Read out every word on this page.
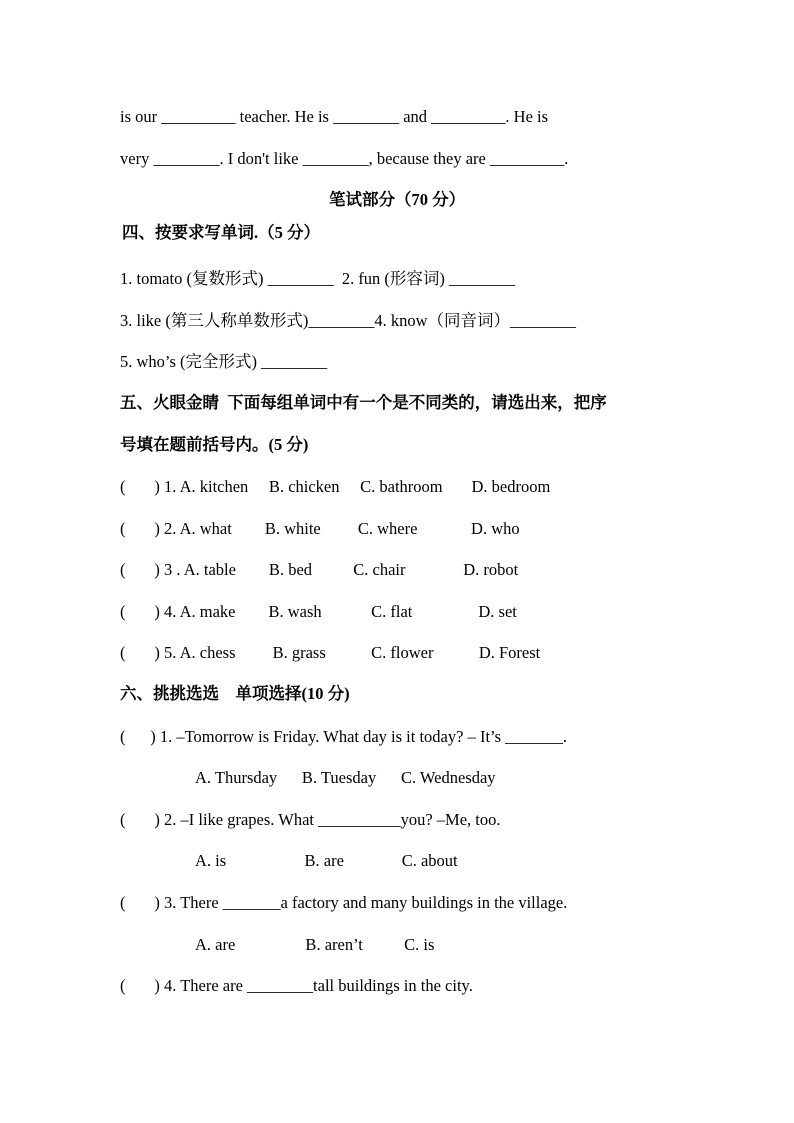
is our _________ teacher. He is ________ and _________. He is
very ________. I don't like ________, because they are _________.
笔试部分（70 分）
四、按要求写单词.（5 分）
1. tomato (复数形式) ________  2. fun (形容词) ________
3. like (第三人称单数形式)________4. know（同音词）________
5. who’s (完全形式) ________
五、火眼金睛  下面每组单词中有一个是不同类的，请选出来，把序
号填在题前括号内。(5 分)
(       ) 1. A. kitchen     B. chicken     C. bathroom       D. bedroom
(       ) 2. A. what        B. white         C. where             D. who
(       ) 3 . A. table        B. bed          C. chair              D. robot
(       ) 4. A. make        B. wash            C. flat                D. set
(       ) 5. A. chess         B. grass           C. flower           D. Forest
六、挑挑选选    单项选择(10 分)
(      ) 1. –Tomorrow is Friday. What day is it today? – It’s _______.
A. Thursday      B. Tuesday      C. Wednesday
(       ) 2. –I like grapes. What __________you? –Me, too.
A. is                   B. are              C. about
(       ) 3. There _______a factory and many buildings in the village.
A. are                 B. aren’t          C. is
(       ) 4. There are ________tall buildings in the city.
